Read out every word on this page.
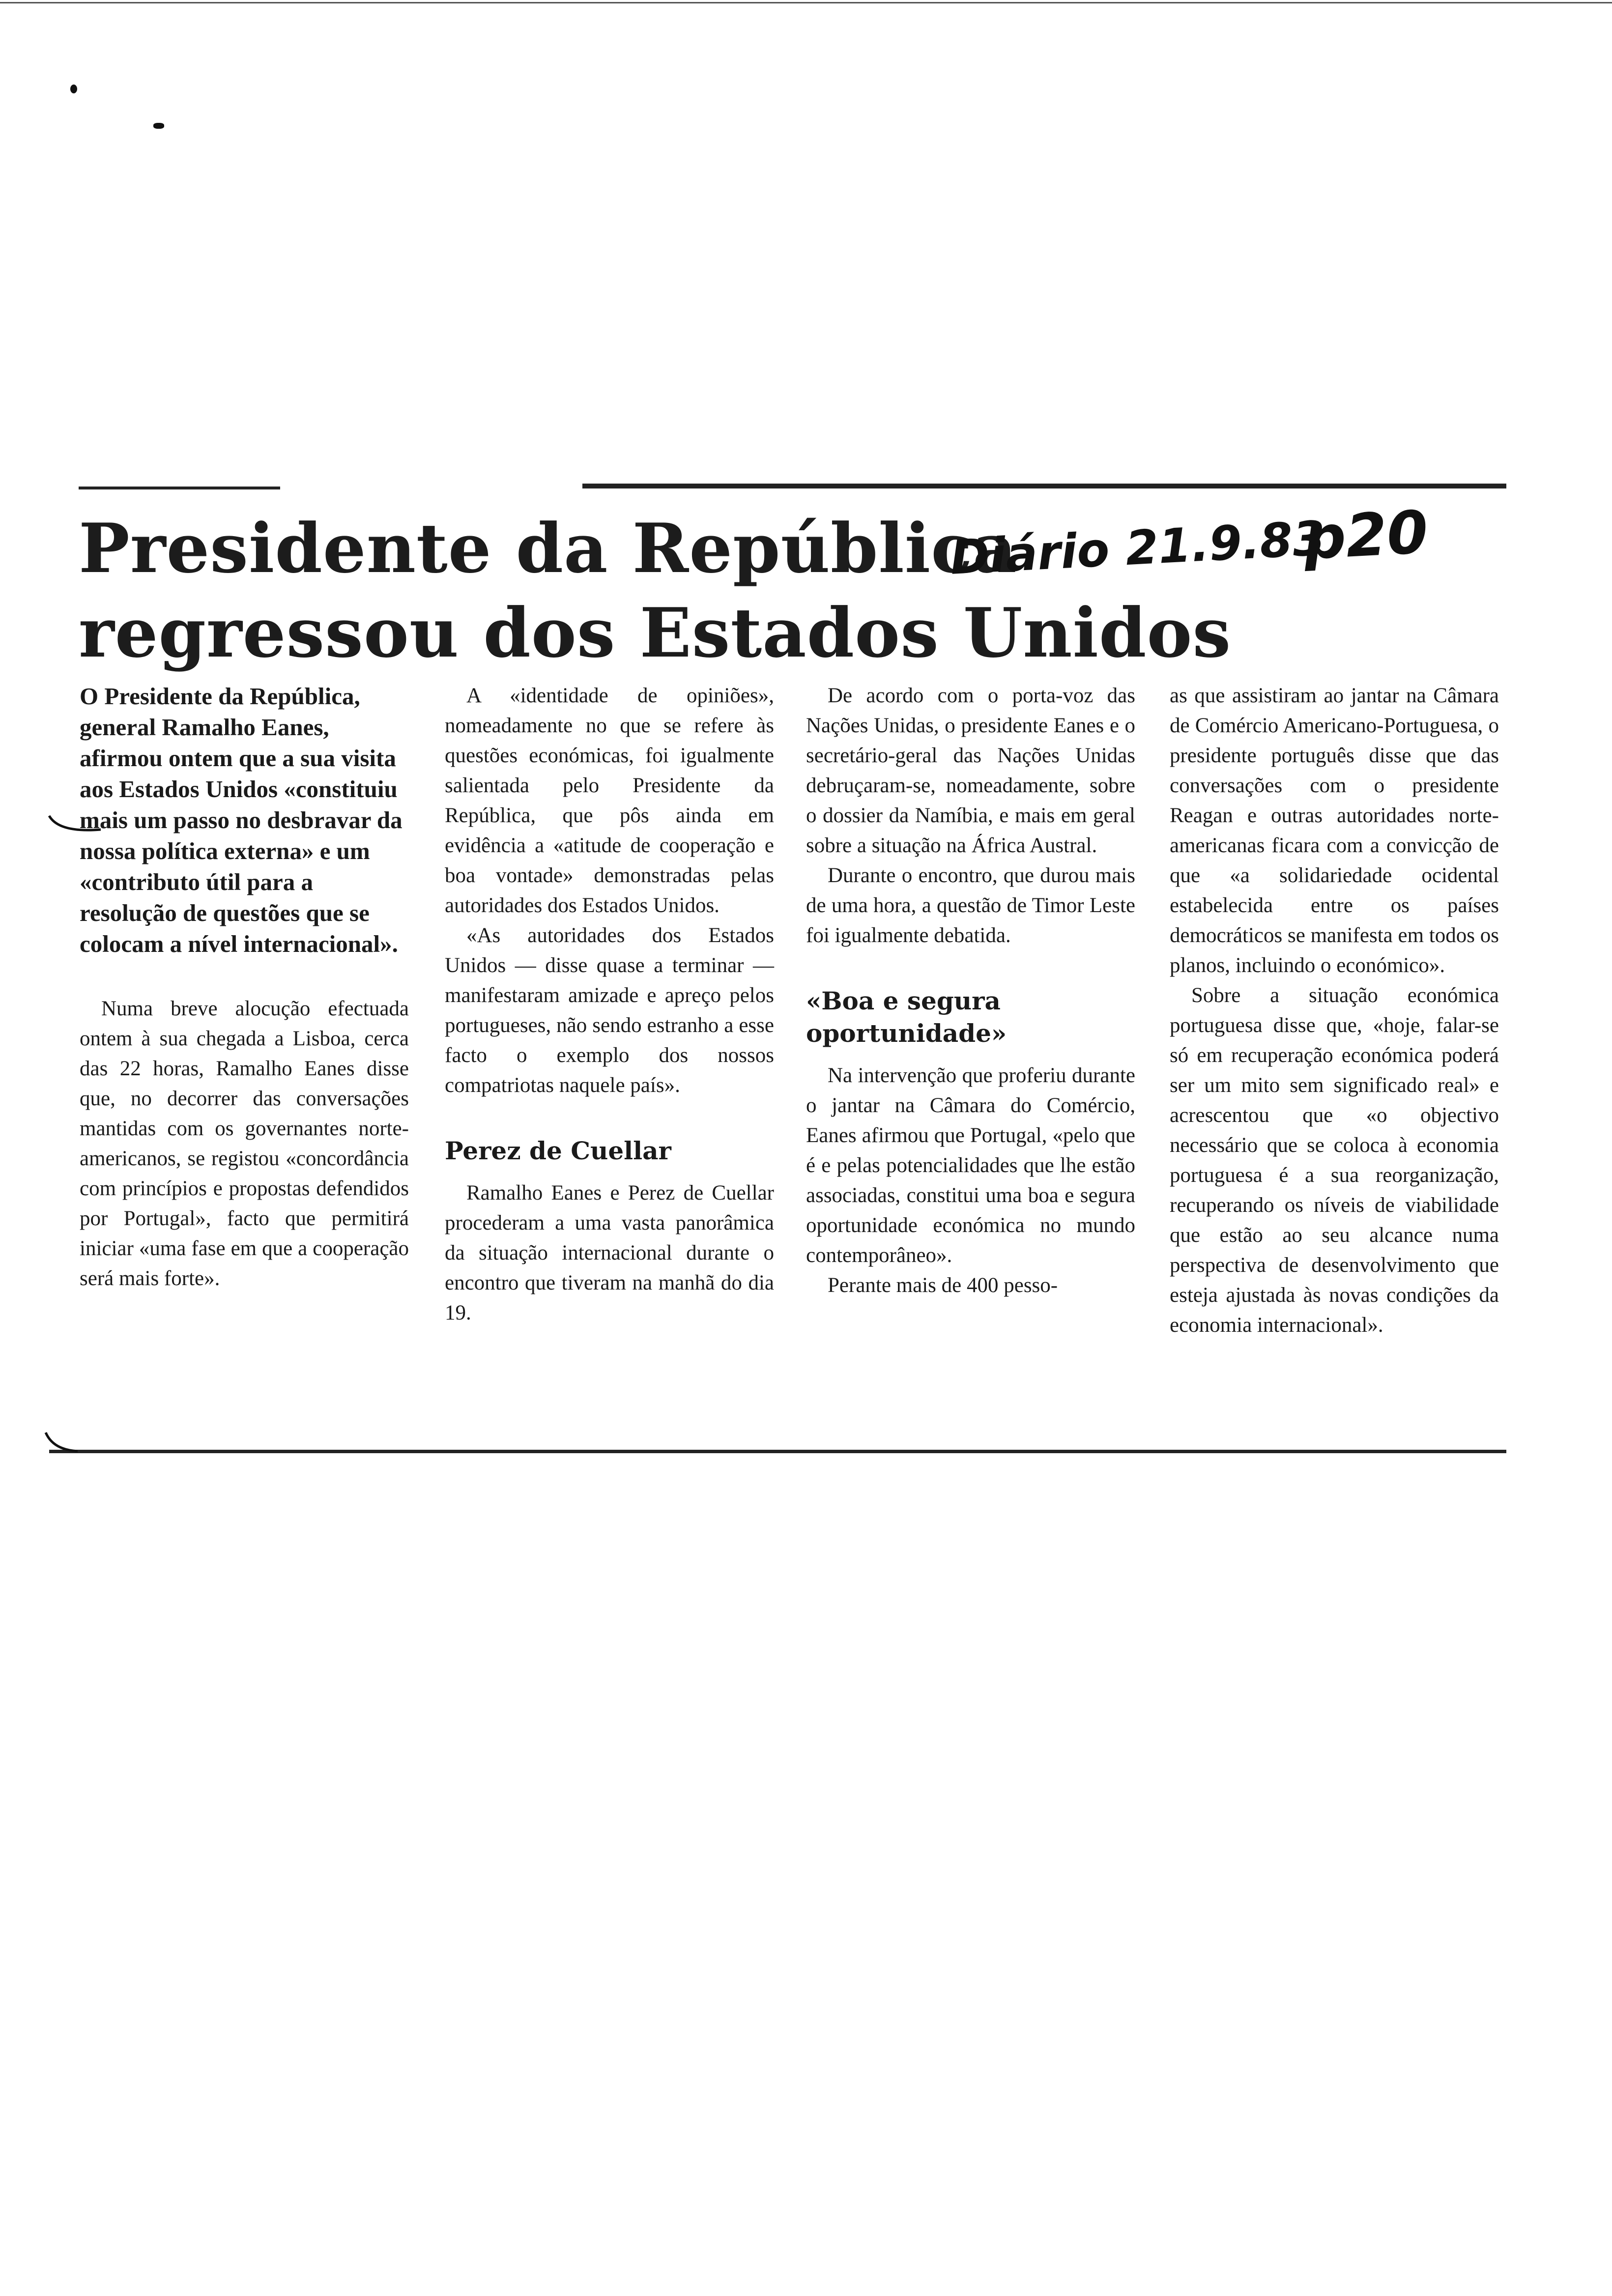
Presidente da República
regressou dos Estados Unidos
Diário 21.9.83
p20

O Presidente da República, general Ramalho Eanes, afirmou ontem que a sua visita aos Estados Unidos «constituiu mais um passo no desbravar da nossa política externa» e um «contributo útil para a resolução de questões que se colocam a nível internacional».

Numa breve alocução efectuada ontem à sua chegada a Lisboa, cerca das 22 horas, Ramalho Eanes disse que, no decorrer das conversações mantidas com os governantes norte-americanos, se registou «concordância com princípios e propostas defendidos por Portugal», facto que permitirá iniciar «uma fase em que a cooperação será mais forte».

A «identidade de opiniões», nomeadamente no que se refere às questões económicas, foi igualmente salientada pelo Presidente da República, que pôs ainda em evidência a «atitude de cooperação e boa vontade» demonstradas pelas autoridades dos Estados Unidos.

«As autoridades dos Estados Unidos — disse quase a terminar — manifestaram amizade e apreço pelos portugueses, não sendo estranho a esse facto o exemplo dos nossos compatriotas naquele país».

Perez de Cuellar

Ramalho Eanes e Perez de Cuellar procederam a uma vasta panorâmica da situação internacional durante o encontro que tiveram na manhã do dia 19.

De acordo com o porta-voz das Nações Unidas, o presidente Eanes e o secretário-geral das Nações Unidas debruçaram-se, nomeadamente, sobre o dossier da Namíbia, e mais em geral sobre a situação na África Austral.

Durante o encontro, que durou mais de uma hora, a questão de Timor Leste foi igualmente debatida.

«Boa e segura oportunidade»

Na intervenção que proferiu durante o jantar na Câmara do Comércio, Eanes afirmou que Portugal, «pelo que é e pelas potencialidades que lhe estão associadas, constitui uma boa e segura oportunidade económica no mundo contemporâneo».

Perante mais de 400 pesso-

as que assistiram ao jantar na Câmara de Comércio Americano-Portuguesa, o presidente português disse que das conversações com o presidente Reagan e outras autoridades norte-americanas ficara com a convicção de que «a solidariedade ocidental estabelecida entre os países democráticos se manifesta em todos os planos, incluindo o económico».

Sobre a situação económica portuguesa disse que, «hoje, falar-se só em recuperação económica poderá ser um mito sem significado real» e acrescentou que «o objectivo necessário que se coloca à economia portuguesa é a sua reorganização, recuperando os níveis de viabilidade que estão ao seu alcance numa perspectiva de desenvolvimento que esteja ajustada às novas condições da economia internacional».
